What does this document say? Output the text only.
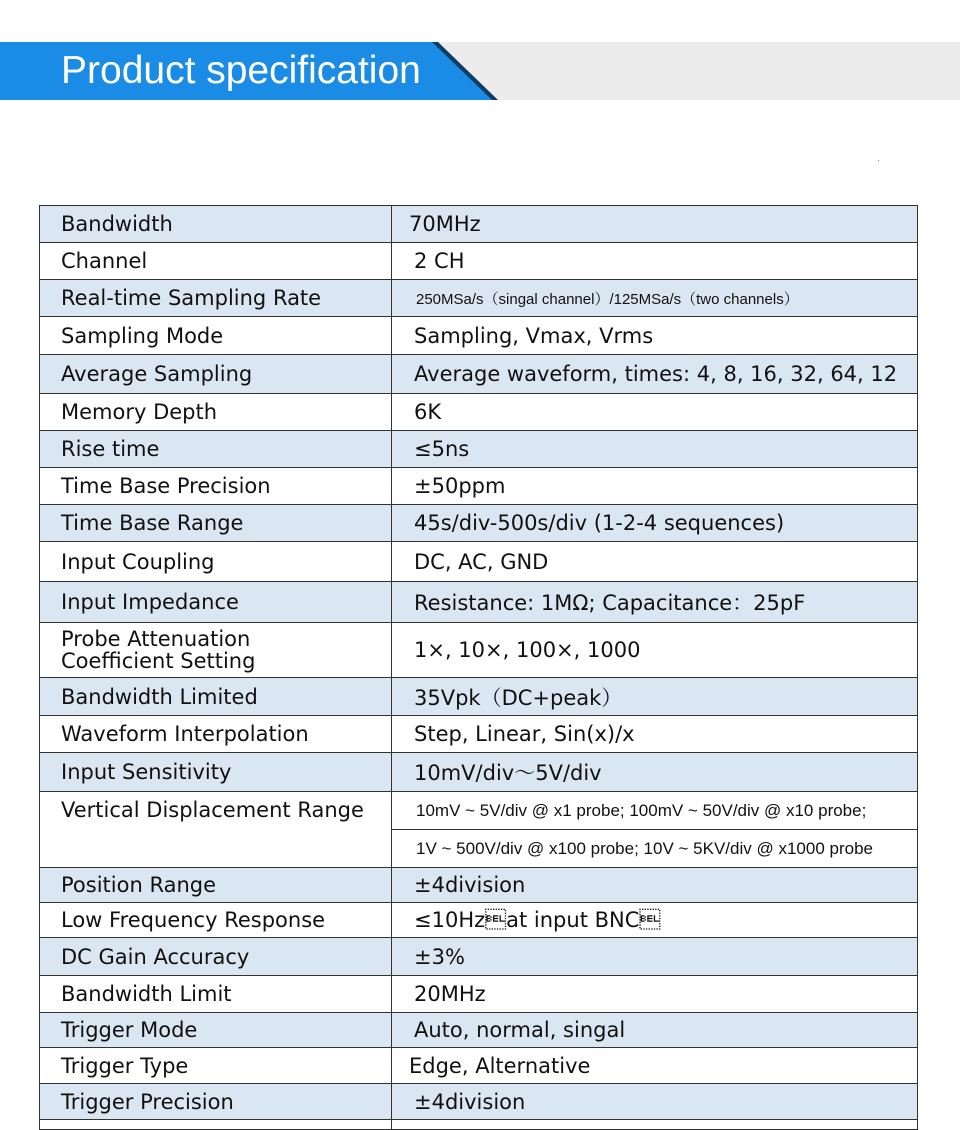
Product specification
Bandwidth	70MHz
Channel	2 CH
Real-time Sampling Rate	250MSa/s（singal channel）/125MSa/s（two channels）
Sampling Mode	Sampling, Vmax, Vrms
Average Sampling	Average waveform, times: 4, 8, 16, 32, 64, 12
Memory Depth	6K
Rise time	≤5ns
Time Base Precision	±50ppm
Time Base Range	45s/div-500s/div (1-2-4 sequences)
Input Coupling	DC, AC, GND
Input Impedance	Resistance: 1MΩ; Capacitance：25pF

Probe Attenuation
Coefficient Setting	1×, 10×, 100×, 1000
Bandwidth Limited	35Vpk（DC+peak）
Waveform Interpolation	Step, Linear, Sin(x)/x
Input Sensitivity	10mV/div～5V/div
Vertical Displacement Range	10mV ~ 5V/div @ x1 probe; 100mV ~ 50V/div @ x10 probe;
	1V ~ 500V/div @ x100 probe; 10V ~ 5KV/div @ x1000 probe
Position Range	±4division
Low Frequency Response	≤10Hzat input BNC
DC Gain Accuracy	±3%
Bandwidth Limit	20MHz
Trigger Mode	Auto, normal, singal
Trigger Type	Edge, Alternative
Trigger Precision	±4division
